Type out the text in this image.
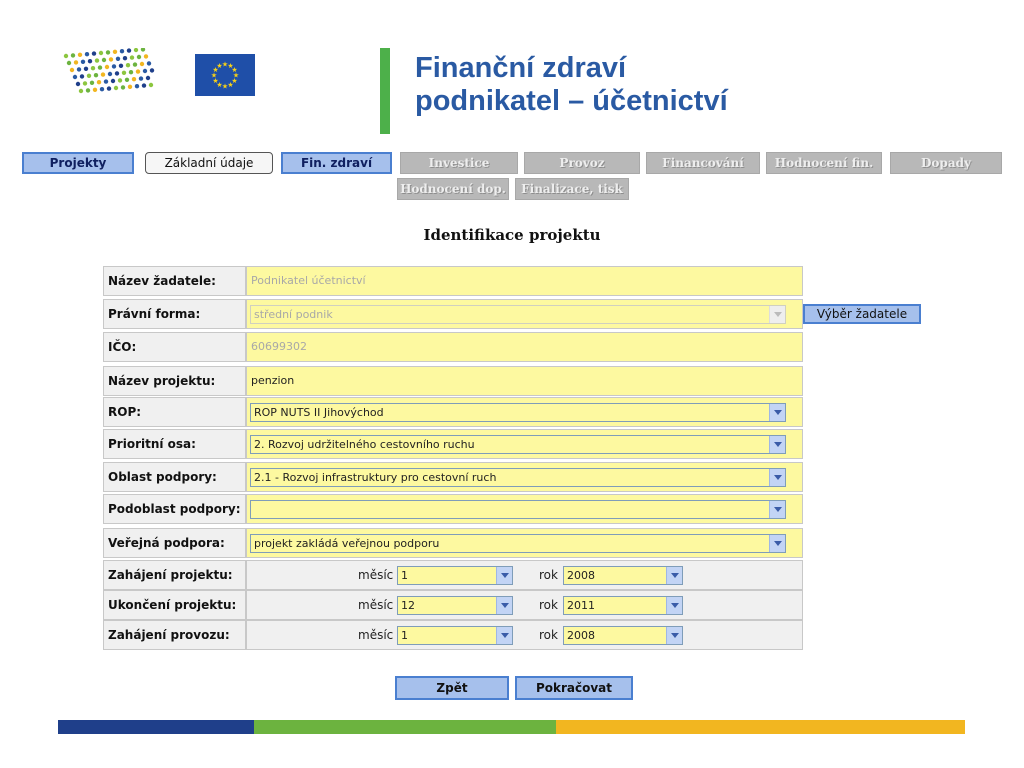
★
★
★
★
★
★
★
★
★ ★ ★
★	Finanční zdraví
podnikatel – účetnictví
Projekty	Základní údaje	Fin. zdraví	Investice	Provoz	Financování	Hodnocení fin.	Dopady
Hodnocení dop.	Finalizace, tisk
Identifikace projektu
Název žadatele:	Podnikatel účetnictví
Právní forma:	střední podnik
IČO:	60699302
Název projektu:	penzion
ROP:	ROP NUTS II Jihovýchod
Prioritní osa:	2. Rozvoj udržitelného cestovního ruchu
Oblast podpory:	2.1 - Rozvoj infrastruktury pro cestovní ruch
Podoblast podpory:
Veřejná podpora:	projekt zakládá veřejnou podporu
Zahájení projektu:	měsíc 1	rok 2008
Ukončení projektu:	měsíc 12	rok 2011
Zahájení provozu:	měsíc 1	rok 2008
Výběr žadatele
Zpět	Pokračovat
